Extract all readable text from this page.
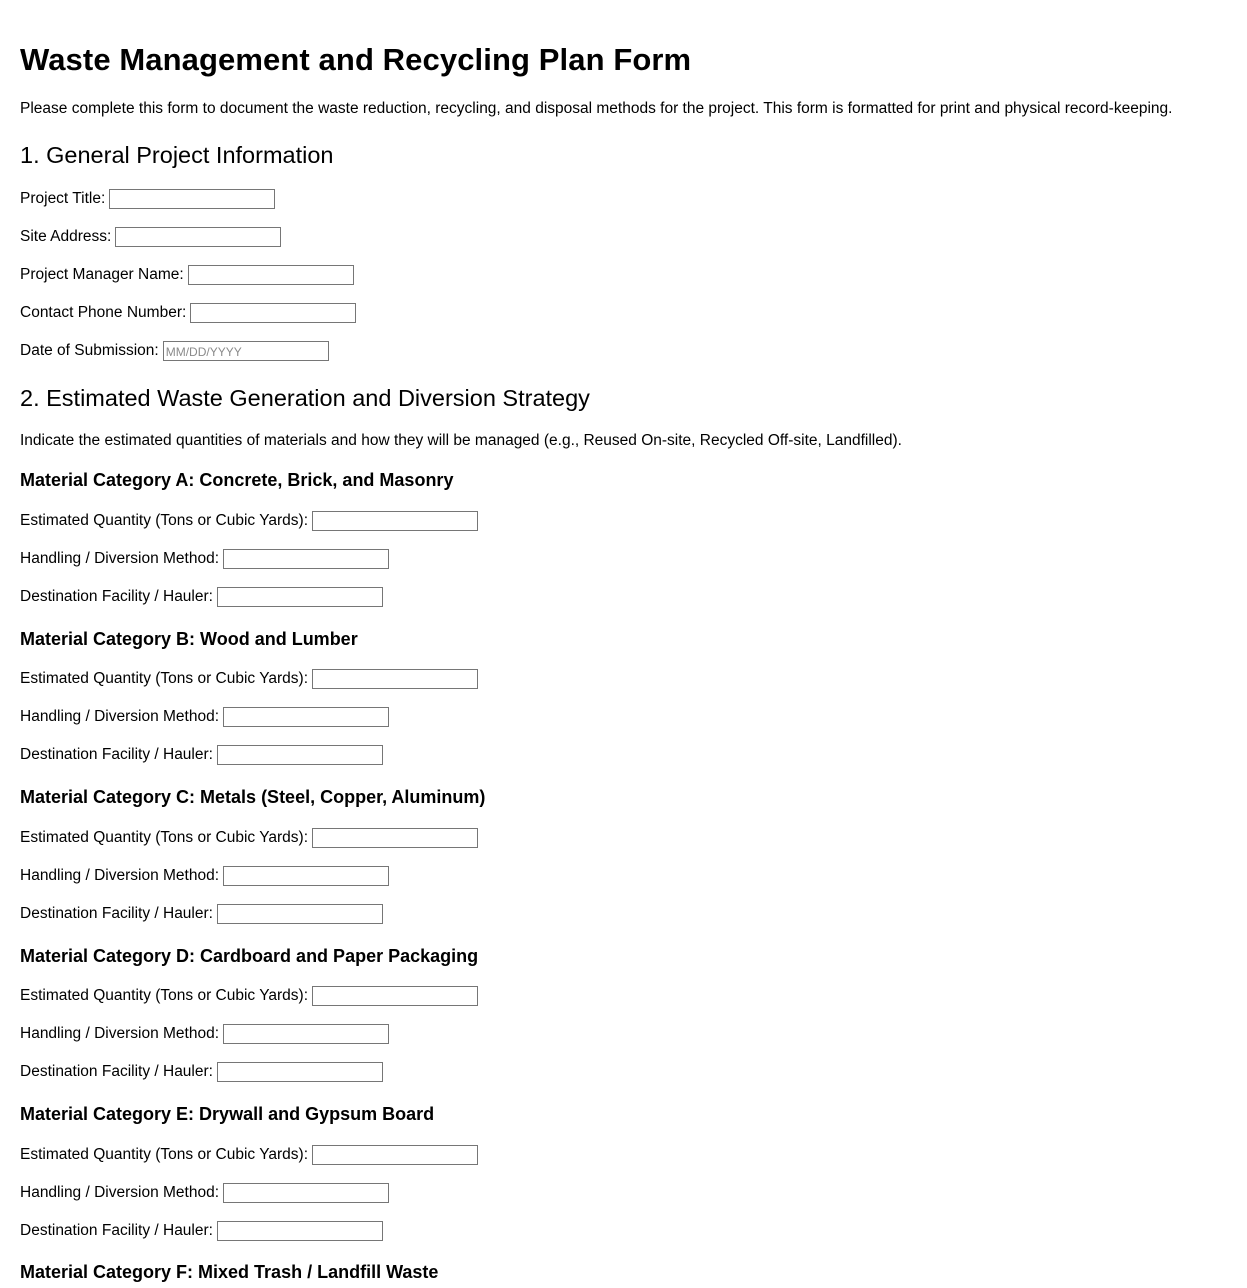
Waste Management and Recycling Plan Form
Please complete this form to document the waste reduction, recycling, and disposal methods for the project. This form is formatted for print and physical record-keeping.
1. General Project Information
Project Title:
Site Address:
Project Manager Name:
Contact Phone Number:
Date of Submission:
MM/DD/YYYY
2. Estimated Waste Generation and Diversion Strategy
Indicate the estimated quantities of materials and how they will be managed (e.g., Reused On-site, Recycled Off-site, Landfilled).
Material Category A: Concrete, Brick, and Masonry
Estimated Quantity (Tons or Cubic Yards):
Handling / Diversion Method:
Destination Facility / Hauler:
Material Category B: Wood and Lumber
Estimated Quantity (Tons or Cubic Yards):
Handling / Diversion Method:
Destination Facility / Hauler:
Material Category C: Metals (Steel, Copper, Aluminum)
Estimated Quantity (Tons or Cubic Yards):
Handling / Diversion Method:
Destination Facility / Hauler:
Material Category D: Cardboard and Paper Packaging
Estimated Quantity (Tons or Cubic Yards):
Handling / Diversion Method:
Destination Facility / Hauler:
Material Category E: Drywall and Gypsum Board
Estimated Quantity (Tons or Cubic Yards):
Handling / Diversion Method:
Destination Facility / Hauler:
Material Category F: Mixed Trash / Landfill Waste
